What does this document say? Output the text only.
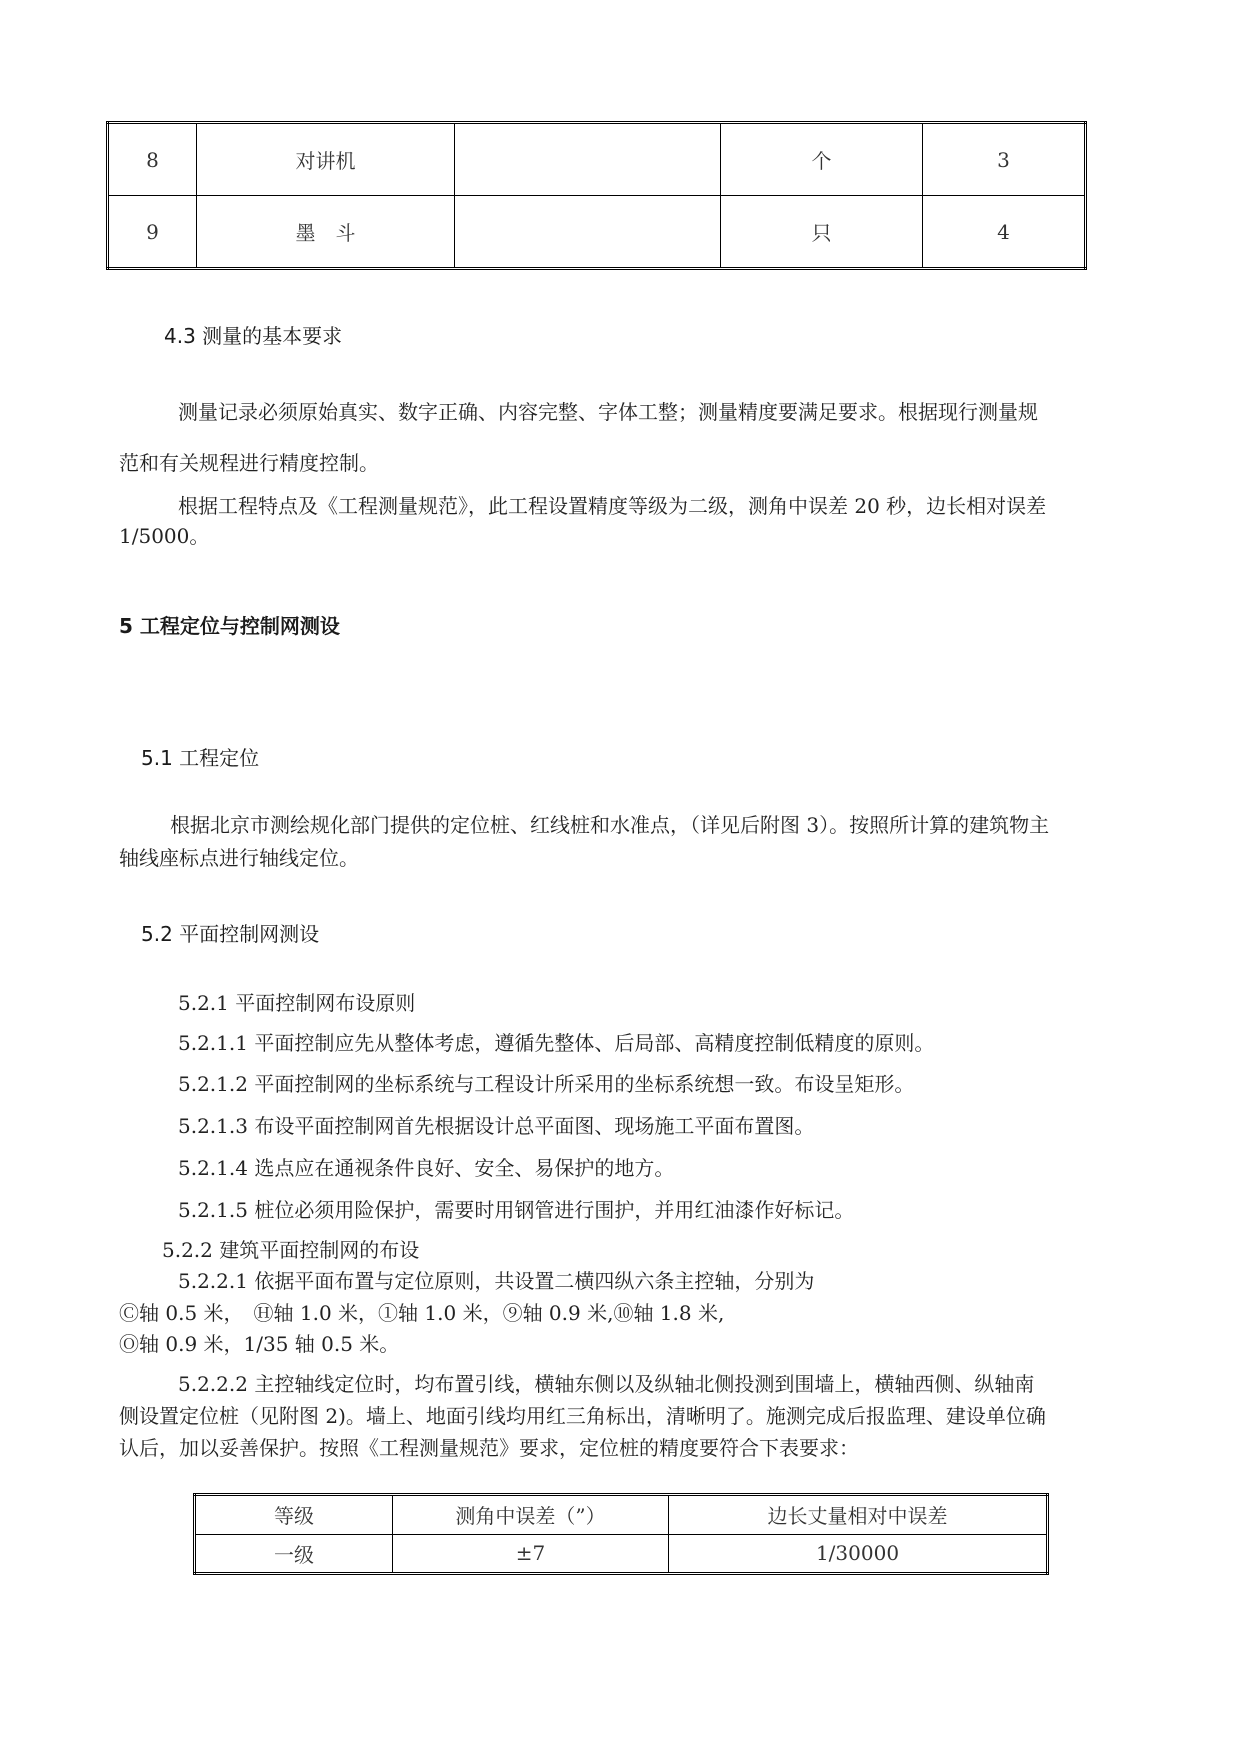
8	对讲机		个	3
9	墨　斗		只	4
4.3 测量的基本要求
测量记录必须原始真实、数字正确、内容完整、字体工整；测量精度要满足要求。根据现行测量规
范和有关规程进行精度控制。
根据工程特点及《工程测量规范》，此工程设置精度等级为二级，测角中误差 20 秒，边长相对误差
1/5000。
5 工程定位与控制网测设
5.1 工程定位
根据北京市测绘规化部门提供的定位桩、红线桩和水准点，（详见后附图 3）。按照所计算的建筑物主
轴线座标点进行轴线定位。
5.2 平面控制网测设
5.2.1 平面控制网布设原则
5.2.1.1 平面控制应先从整体考虑，遵循先整体、后局部、高精度控制低精度的原则。
5.2.1.2 平面控制网的坐标系统与工程设计所采用的坐标系统想一致。布设呈矩形。
5.2.1.3 布设平面控制网首先根据设计总平面图、现场施工平面布置图。
5.2.1.4 选点应在通视条件良好、安全、易保护的地方。
5.2.1.5 桩位必须用险保护，需要时用钢管进行围护，并用红油漆作好标记。
5.2.2 建筑平面控制网的布设
5.2.2.1 依据平面布置与定位原则，共设置二横四纵六条主控轴，分别为
Ⓒ轴 0.5 米，　Ⓗ轴 1.0 米，①轴 1.0 米，⑨轴 0.9 米,⑩轴 1.8 米,
Ⓞ轴 0.9 米，1/35 轴 0.5 米。
5.2.2.2 主控轴线定位时，均布置引线，横轴东侧以及纵轴北侧投测到围墙上，横轴西侧、纵轴南
侧设置定位桩（见附图 2)。墙上、地面引线均用红三角标出，清晰明了。施测完成后报监理、建设单位确
认后，加以妥善保护。按照《工程测量规范》要求，定位桩的精度要符合下表要求：
等级	测角中误差（”）	边长丈量相对中误差
一级	±7	1/30000
